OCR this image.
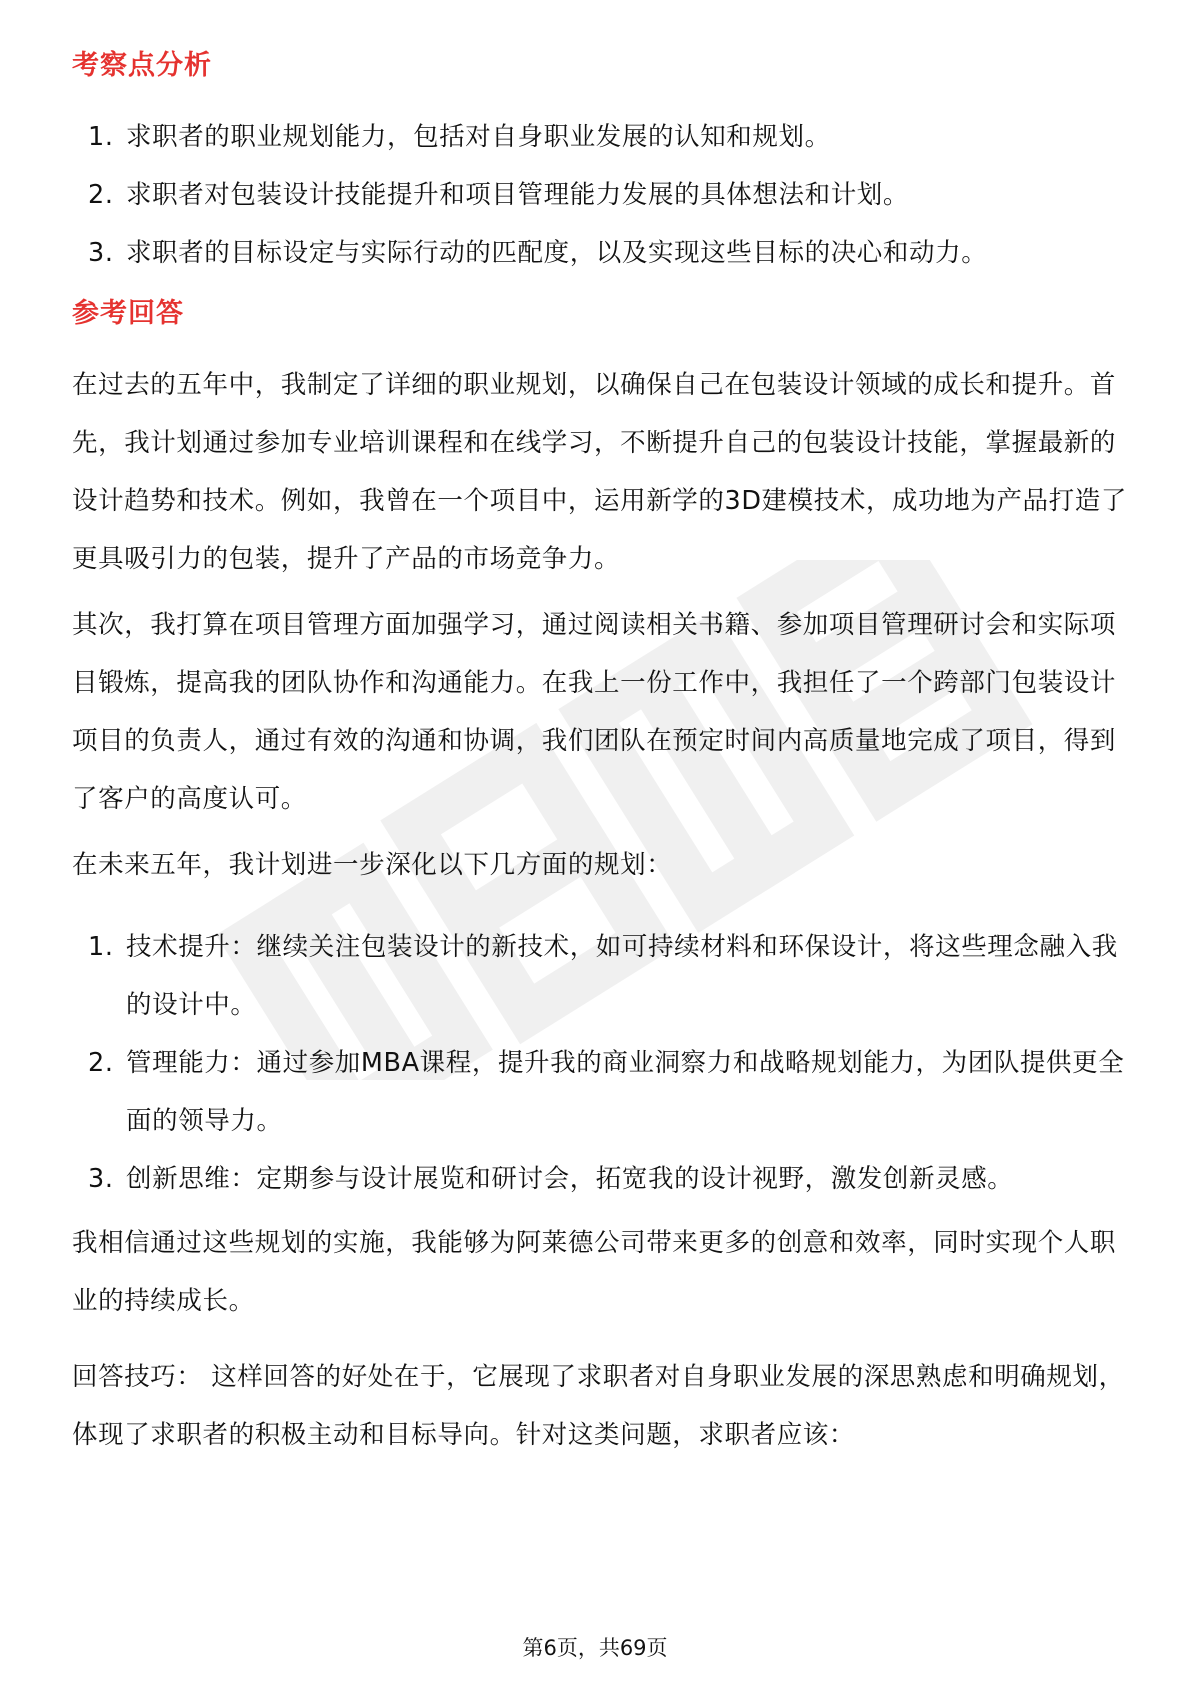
考察点分析
1. 求职者的职业规划能力，包括对自身职业发展的认知和规划。
2. 求职者对包装设计技能提升和项目管理能力发展的具体想法和计划。
3. 求职者的目标设定与实际行动的匹配度，以及实现这些目标的决心和动力。
参考回答

在过去的五年中，我制定了详细的职业规划，以确保自己在包装设计领域的成长和提升。首先，我计划通过参加专业培训课程和在线学习，不断提升自己的包装设计技能，掌握最新的设计趋势和技术。例如，我曾在一个项目中，运用新学的3D建模技术，成功地为产品打造了更具吸引力的包装，提升了产品的市场竞争力。

其次，我打算在项目管理方面加强学习，通过阅读相关书籍、参加项目管理研讨会和实际项目锻炼，提高我的团队协作和沟通能力。在我上一份工作中，我担任了一个跨部门包装设计项目的负责人，通过有效的沟通和协调，我们团队在预定时间内高质量地完成了项目，得到了客户的高度认可。

在未来五年，我计划进一步深化以下几方面的规划：

1. 技术提升：继续关注包装设计的新技术，如可持续材料和环保设计，将这些理念融入我的设计中。
2. 管理能力：通过参加MBA课程，提升我的商业洞察力和战略规划能力，为团队提供更全面的领导力。
3. 创新思维：定期参与设计展览和研讨会，拓宽我的设计视野，激发创新灵感。

我相信通过这些规划的实施，我能够为阿莱德公司带来更多的创意和效率，同时实现个人职业的持续成长。

回答技巧： 这样回答的好处在于，它展现了求职者对自身职业发展的深思熟虑和明确规划，体现了求职者的积极主动和目标导向。针对这类问题，求职者应该：

第6页，共69页
